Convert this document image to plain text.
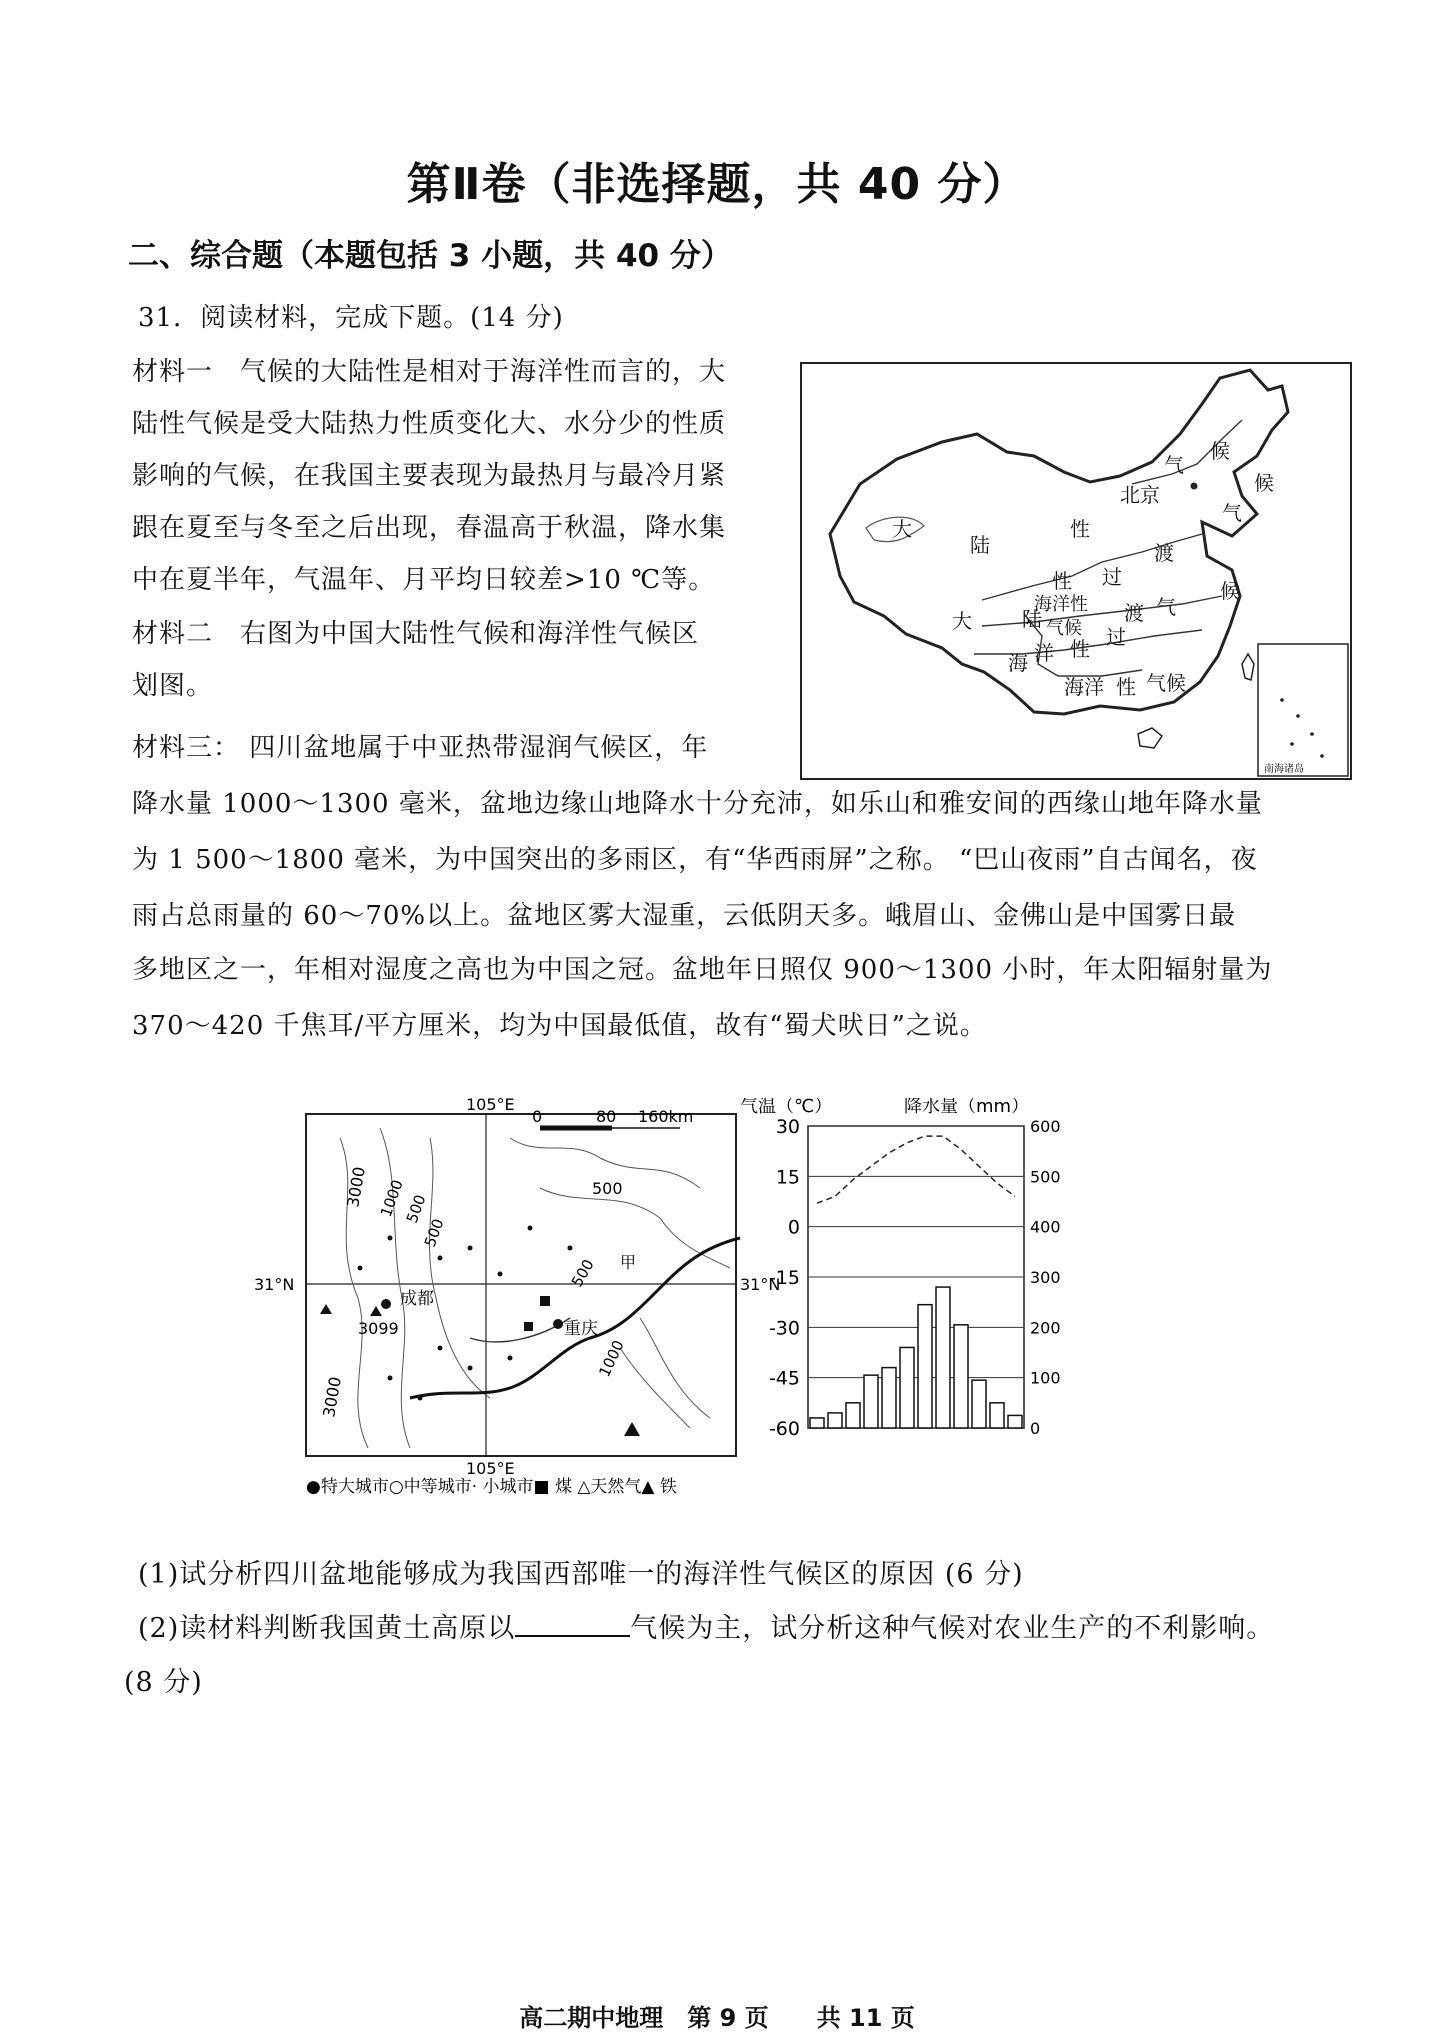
第Ⅱ卷（非选择题，共 40 分）
二、综合题（本题包括 3 小题，共 40 分）
31．阅读材料，完成下题。(14 分)
材料一　气候的大陆性是相对于海洋性而言的，大
陆性气候是受大陆热力性质变化大、水分少的性质
影响的气候，在我国主要表现为最热月与最冷月紧
跟在夏至与冬至之后出现，春温高于秋温，降水集
中在夏半年，气温年、月平均日较差>10 ℃等。
材料二　右图为中国大陆性气候和海洋性气候区
划图。
材料三： 四川盆地属于中亚热带湿润气候区，年
降水量 1000～1300 毫米，盆地边缘山地降水十分充沛，如乐山和雅安间的西缘山地年降水量
为 1 500～1800 毫米，为中国突出的多雨区，有“华西雨屏”之称。 “巴山夜雨”自古闻名，夜
雨占总雨量的 60～70%以上。盆地区雾大湿重，云低阴天多。峨眉山、金佛山是中国雾日最
多地区之一，年相对湿度之高也为中国之冠。盆地年日照仅 900～1300 小时，年太阳辐射量为
370～420 千焦耳/平方厘米，均为中国最低值，故有“蜀犬吠日”之说。
南海诸岛
候
候
气
北京
气
大
陆
性
性 过
渡
候
大	陆
海洋性
气候
渡 气
过
海 洋 性
海洋 性 气候
0	80 160km
105°E
105°E
31°N	31°N
3000 1000
500
500
500
3000
1000
500
3099
成都
重庆
甲
●特大城市○中等城市· 小城市■ 煤 △天然气▲ 铁
气温（℃）	降水量（mm）
30
15
0
-15
-30
-45
-60
600
500
400
300
200
100
0
(1)试分析四川盆地能够成为我国西部唯一的海洋性气候区的原因 (6 分)
(2)读材料判断我国黄土高原以	气候为主，试分析这种气候对农业生产的不利影响。
(8 分)
高二期中地理　第 9 页　　共 11 页
